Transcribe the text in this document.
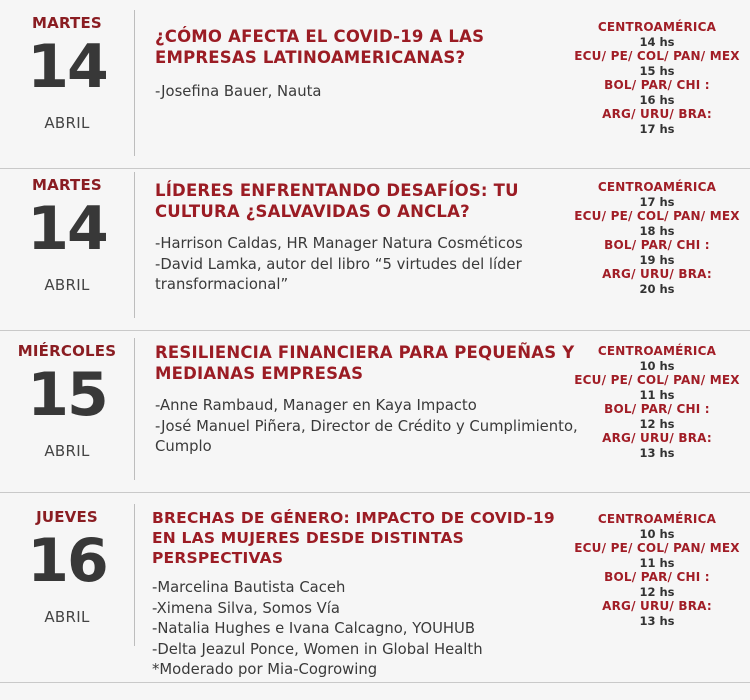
MARTES
14
ABRIL
¿CÓMO AFECTA EL COVID-19 A LAS EMPRESAS LATINOAMERICANAS?
-Josefina Bauer, Nauta
CENTROAMÉRICA
14 hs
ECU/ PE/ COL/ PAN/ MEX
15 hs
BOL/ PAR/ CHI :
16 hs
ARG/ URU/ BRA:
17 hs
MARTES
14
ABRIL
LÍDERES ENFRENTANDO DESAFÍOS: TU CULTURA ¿SALVAVIDAS O ANCLA?
-Harrison Caldas, HR Manager Natura Cosméticos
-David Lamka, autor del libro “5 virtudes del líder transformacional”
CENTROAMÉRICA
17 hs
ECU/ PE/ COL/ PAN/ MEX
18 hs
BOL/ PAR/ CHI :
19 hs
ARG/ URU/ BRA:
20 hs
MIÉRCOLES
15
ABRIL
RESILIENCIA FINANCIERA PARA PEQUEÑAS Y MEDIANAS EMPRESAS
-Anne Rambaud, Manager en Kaya Impacto
-José Manuel Piñera, Director de Crédito y Cumplimiento, Cumplo
CENTROAMÉRICA
10 hs
ECU/ PE/ COL/ PAN/ MEX
11 hs
BOL/ PAR/ CHI :
12 hs
ARG/ URU/ BRA:
13 hs
JUEVES
16
ABRIL
BRECHAS DE GÉNERO: IMPACTO DE COVID-19 EN LAS MUJERES DESDE DISTINTAS PERSPECTIVAS
-Marcelina Bautista Caceh
-Ximena Silva, Somos Vía
-Natalia Hughes e Ivana Calcagno, YOUHUB
-Delta Jeazul Ponce, Women in Global Health
*Moderado por Mia-Cogrowing
CENTROAMÉRICA
10 hs
ECU/ PE/ COL/ PAN/ MEX
11 hs
BOL/ PAR/ CHI :
12 hs
ARG/ URU/ BRA:
13 hs
